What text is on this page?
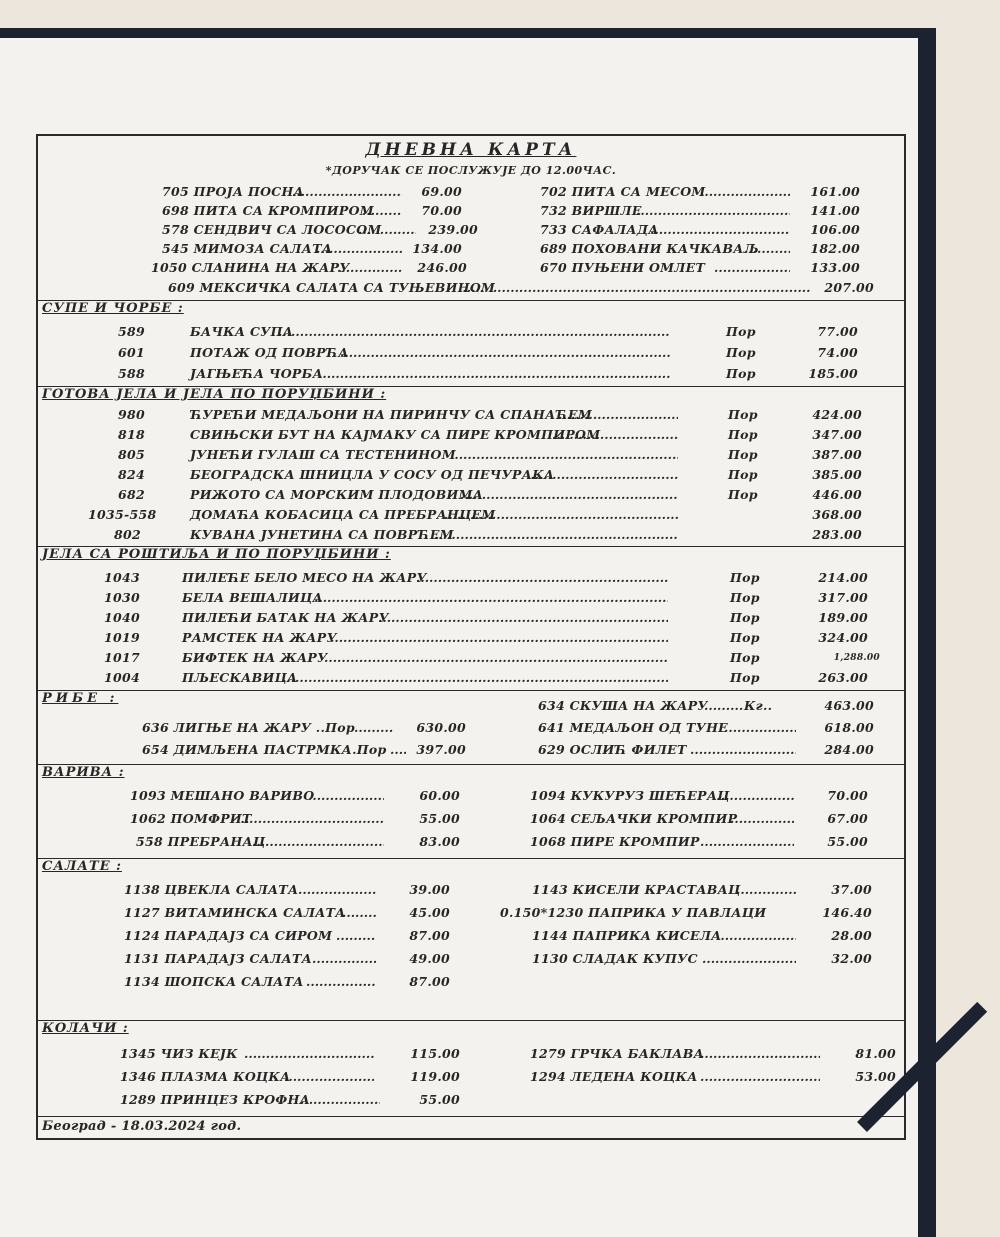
ДНЕВНА КАРТА
*ДОРУЧАК СЕ ПОСЛУЖУЈЕ ДО 12.00ЧАС.
705 ПРОЈА ПОСНА .....	69.00
698 ПИТА СА КРОМПИРОМ .....	70.00
578 СЕНДВИЧ СА ЛОСОСОМ .....	239.00
545 МИМОЗА САЛАТА .....	134.00
1050 СЛАНИНА НА ЖАРУ .....	246.00
702 ПИТА СА МЕСОМ .....	161.00
732 ВИРШЛЕ .....	141.00
733 САФАЛАДА .....	106.00
689 ПОХОВАНИ КАЧКАВАЉ .....	182.00
670 ПУЊЕНИ ОМЛЕТ .....	133.00
609 МЕКСИЧКА САЛАТА СА ТУЊЕВИНОМ .....	207.00
СУПЕ И ЧОРБЕ :
589	БАЧКА СУПА .....	Пор	77.00
601	ПОТАЖ ОД ПОВРЋА .....	Пор	74.00
588	ЈАГЊЕЋА ЧОРБА .....	Пор	185.00
ГОТОВА ЈЕЛА И ЈЕЛА ПО ПОРУЏБИНИ :
980	ЋУРЕЋИ МЕДАЉОНИ НА ПИРИНЧУ СА СПАНАЋЕМ .....	Пор	424.00
818	СВИЊСКИ БУТ НА КАЈМАКУ СА ПИРЕ КРОМПИРОМ .....	Пор	347.00
805	ЈУНЕЋИ ГУЛАШ СА ТЕСТЕНИНОМ .....	Пор	387.00
824	БЕОГРАДСКА ШНИЦЛА У СОСУ ОД ПЕЧУРАКА .....	Пор	385.00
682	РИЖОТО СА МОРСКИМ ПЛОДОВИМА .....	Пор	446.00
1035-558	ДОМАЋА КОБАСИЦА СА ПРЕБРАНЦЕМ .....	368.00
802	КУВАНА ЈУНЕТИНА СА ПОВРЋЕМ .....	283.00
ЈЕЛА СА РОШТИЉА И ПО ПОРУЏБИНИ :
1043	ПИЛЕЋЕ БЕЛО МЕСО НА ЖАРУ .....	Пор	214.00
1030	БЕЛА ВЕШАЛИЦА .....	Пор	317.00
1040	ПИЛЕЋИ БАТАК НА ЖАРУ .....	Пор	189.00
1019	РАМСТЕК НА ЖАРУ .....	Пор	324.00
1017	БИФТЕК НА ЖАРУ .....	Пор	1,288.00
1004	ПЉЕСКАВИЦА .....	Пор	263.00
РИБЕ :
636 ЛИГЊЕ НА ЖАРУ ..Пор .....	630.00
654 ДИМЉЕНА ПАСТРМКА.Пор .....	397.00
634 СКУША НА ЖАРУ .....	Кг..	463.00
641 МЕДАЉОН ОД ТУНЕ .....	618.00
629 ОСЛИЋ ФИЛЕТ .....	284.00
ВАРИВА :
1093 МЕШАНО ВАРИВО .....	60.00
1062 ПОМФРИТ .....	55.00
558 ПРЕБРАНАЦ .....	83.00
1094 КУКУРУЗ ШЕЋЕРАЦ .....	70.00
1064 СЕЉАЧКИ КРОМПИР .....	67.00
1068 ПИРЕ КРОМПИР .....	55.00
САЛАТЕ :
1138 ЦВЕКЛА САЛАТА .....	39.00
1127 ВИТАМИНСКА САЛАТА .....	45.00
1124 ПАРАДАЈЗ СА СИРОМ .....	87.00
1131 ПАРАДАЈЗ САЛАТА .....	49.00
1134 ШОПСКА САЛАТА .....	87.00
1143 КИСЕЛИ КРАСТАВАЦ .....	37.00
0.150*1230 ПАПРИКА У ПАВЛАЦИ	146.40
1144 ПАПРИКА КИСЕЛА .....	28.00
1130 СЛАДАК КУПУС .....	32.00
КОЛАЧИ :
1345 ЧИЗ КЕЈК .....	115.00
1346 ПЛАЗМА КОЦКА .....	119.00
1289 ПРИНЦЕЗ КРОФНА .....	55.00
1279 ГРЧКА БАКЛАВА .....	81.00
1294 ЛЕДЕНА КОЦКА .....	53.00
Београд - 18.03.2024 год.
